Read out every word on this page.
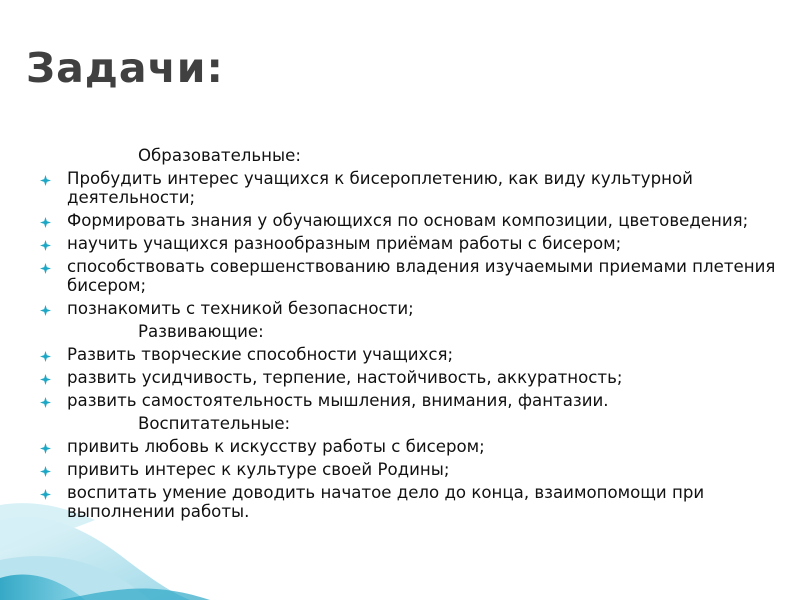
Задачи:
Образовательные:
Пробудить интерес учащихся к бисероплетению, как виду культурной деятельности;
Формировать знания у обучающихся по основам композиции, цветоведения;
научить учащихся разнообразным приёмам работы с бисером;
способствовать совершенствованию владения изучаемыми приемами плетения бисером;
познакомить с техникой безопасности;
Развивающие:
Развить творческие способности учащихся;
развить усидчивость, терпение, настойчивость, аккуратность;
развить самостоятельность мышления, внимания, фантазии.
Воспитательные:
привить любовь к искусству работы с бисером;
привить интерес к культуре своей Родины;
воспитать умение доводить начатое дело до конца, взаимопомощи при выполнении работы.
